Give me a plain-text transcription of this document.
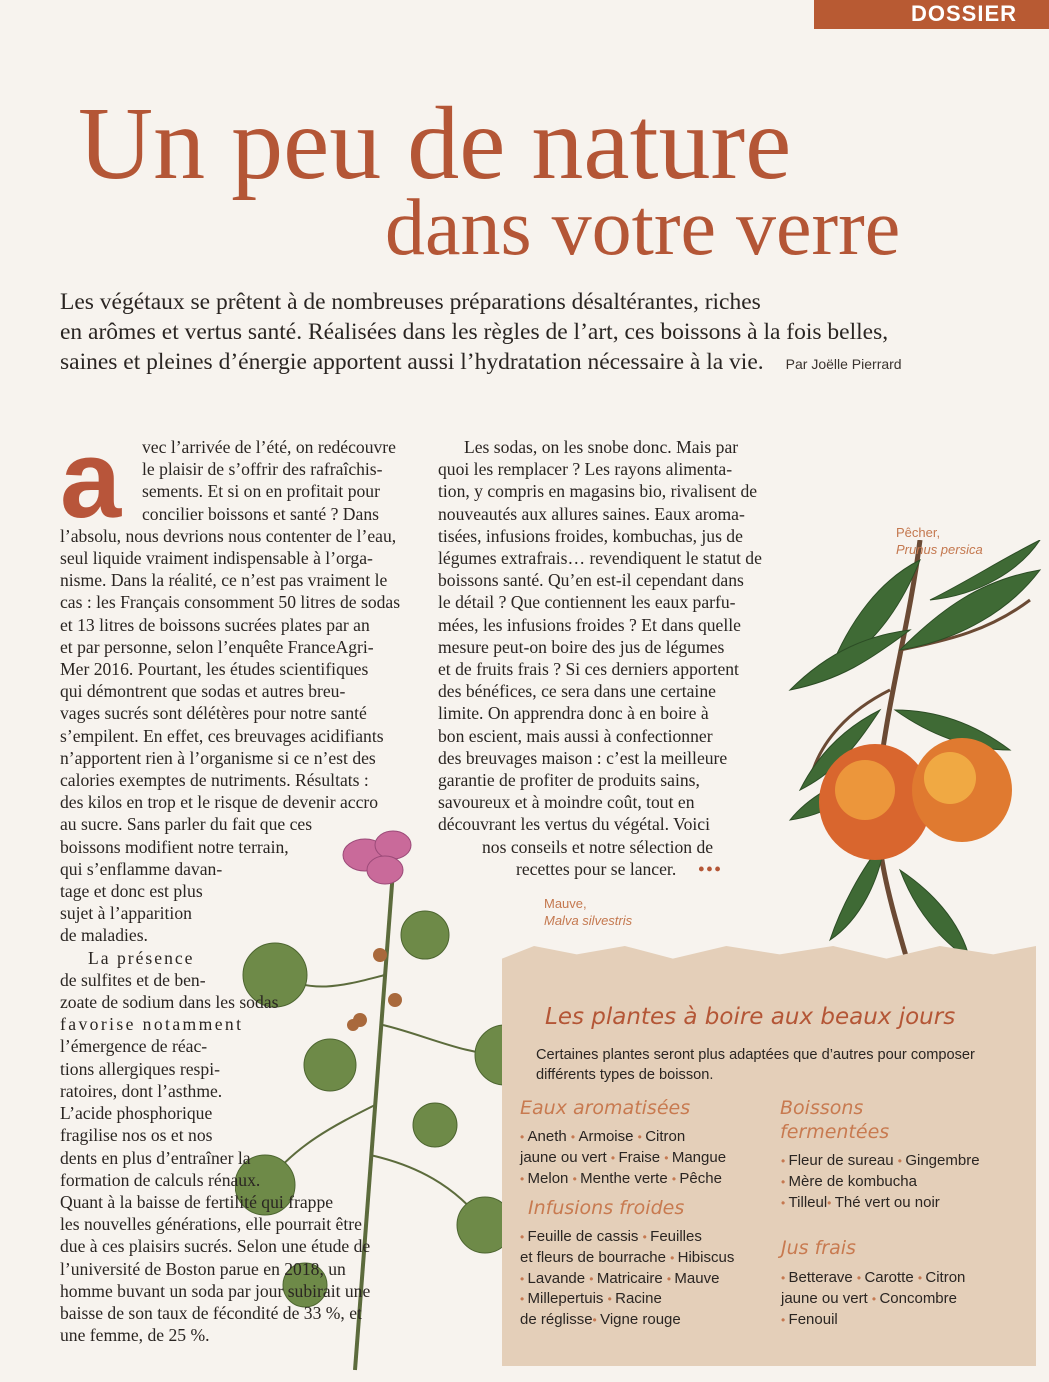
DOSSIER
Un peu de nature
dans votre verre
Les végétaux se prêtent à de nombreuses préparations désaltérantes, riches
en arômes et vertus santé. Réalisées dans les règles de l’art, ces boissons à la fois belles,
saines et pleines d’énergie apportent aussi l’hydratation nécessaire à la vie. Par Joëlle Pierrard
a	vec l’arrivée de l’été, on redécouvre
le plaisir de s’offrir des rafraîchis-
sements. Et si on en profitait pour
concilier boissons et santé ? Dans
l’absolu, nous devrions nous contenter de l’eau,
seul liquide vraiment indispensable à l’orga-
nisme. Dans la réalité, ce n’est pas vraiment le
cas : les Français consomment 50 litres de sodas
et 13 litres de boissons sucrées plates par an
et par personne, selon l’enquête FranceAgri-
Mer 2016. Pourtant, les études scientifiques
qui démontrent que sodas et autres breu-
vages sucrés sont délétères pour notre santé
s’empilent. En effet, ces breuvages acidifiants
n’apportent rien à l’organisme si ce n’est des
calories exemptes de nutriments. Résultats :
des kilos en trop et le risque de devenir accro
au sucre. Sans parler du fait que ces
boissons modifient notre terrain,
qui s’enflamme davan-
tage et donc est plus
sujet à l’apparition
de maladies.
La présence
de sulfites et de ben-
zoate de sodium dans les sodas
favorise notamment
l’émergence de réac-
tions allergiques respi-
ratoires, dont l’asthme.
L’acide phosphorique
fragilise nos os et nos
dents en plus d’entraîner la
formation de calculs rénaux.
Quant à la baisse de fertilité qui frappe
les nouvelles générations, elle pourrait être
due à ces plaisirs sucrés. Selon une étude de
l’université de Boston parue en 2018, un
homme buvant un soda par jour subirait une
baisse de son taux de fécondité de 33 %, et
une femme, de 25 %.
Les sodas, on les snobe donc. Mais par
quoi les remplacer ? Les rayons alimenta-
tion, y compris en magasins bio, rivalisent de
nouveautés aux allures saines. Eaux aroma-
tisées, infusions froides, kombuchas, jus de
légumes extrafrais… revendiquent le statut de
boissons santé. Qu’en est-il cependant dans
le détail ? Que contiennent les eaux parfu-
mées, les infusions froides ? Et dans quelle
mesure peut-on boire des jus de légumes
et de fruits frais ? Si ces derniers apportent
des bénéfices, ce sera dans une certaine
limite. On apprendra donc à en boire à
bon escient, mais aussi à confectionner
des breuvages maison : c’est la meilleure
garantie de profiter de produits sains,
savoureux et à moindre coût, tout en
découvrant les vertus du végétal. Voici
nos conseils et notre sélection de
recettes pour se lancer. •••
Pêcher,
Prunus persica
Mauve,
Malva silvestris
Les plantes à boire aux beaux jours
Certaines plantes seront plus adaptées que d’autres pour composer
différents types de boisson.
Eaux aromatisées
• Aneth • Armoise • Citron
jaune ou vert • Fraise • Mangue
• Melon • Menthe verte • Pêche
Infusions froides
• Feuille de cassis • Feuilles
et fleurs de bourrache • Hibiscus
• Lavande • Matricaire • Mauve
• Millepertuis • Racine
de réglisse• Vigne rouge
Boissons
fermentées
• Fleur de sureau • Gingembre
• Mère de kombucha
• Tilleul• Thé vert ou noir
Jus frais
• Betterave • Carotte • Citron
jaune ou vert • Concombre
• Fenouil
